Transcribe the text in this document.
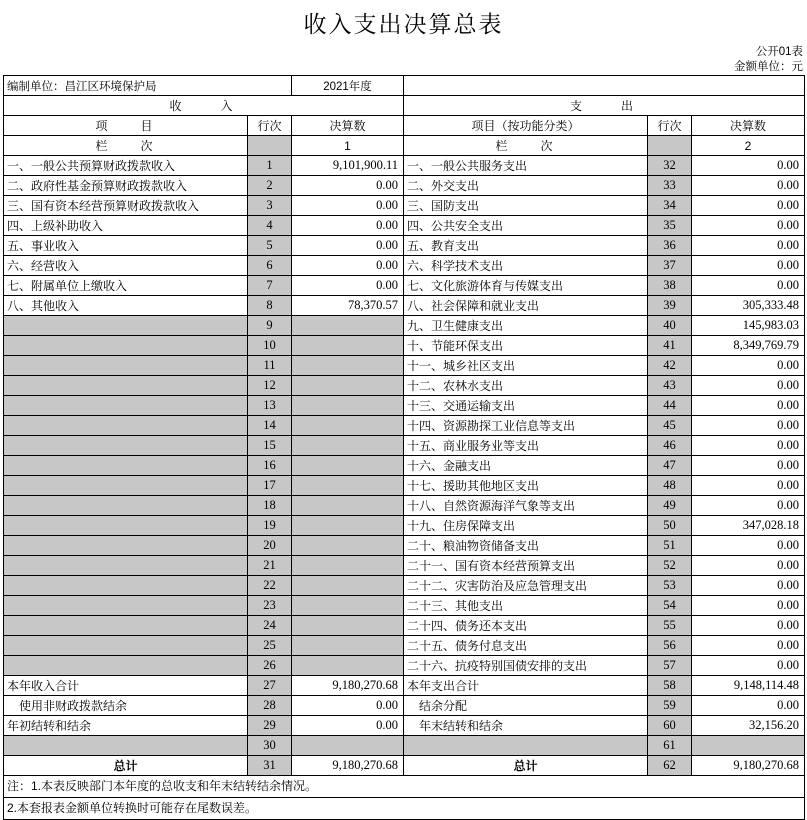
收入支出决算总表
公开01表
金额单位：元
编制单位：昌江区环境保护局		2021年度			
收　　入			支　　出		
项　　目	行次	决算数	项目（按功能分类）	行次	决算数
栏　　次		1	栏　　次		2
一、一般公共预算财政拨款收入	1	9,101,900.11	一、一般公共服务支出	32	0.00
二、政府性基金预算财政拨款收入	2	0.00	二、外交支出	33	0.00
三、国有资本经营预算财政拨款收入	3	0.00	三、国防支出	34	0.00
四、上级补助收入	4	0.00	四、公共安全支出	35	0.00
五、事业收入	5	0.00	五、教育支出	36	0.00
六、经营收入	6	0.00	六、科学技术支出	37	0.00
七、附属单位上缴收入	7	0.00	七、文化旅游体育与传媒支出	38	0.00
八、其他收入	8	78,370.57	八、社会保障和就业支出	39	305,333.48
	9		九、卫生健康支出	40	145,983.03
	10		十、节能环保支出	41	8,349,769.79
	11		十一、城乡社区支出	42	0.00
	12		十二、农林水支出	43	0.00
	13		十三、交通运输支出	44	0.00
	14		十四、资源勘探工业信息等支出	45	0.00
	15		十五、商业服务业等支出	46	0.00
	16		十六、金融支出	47	0.00
	17		十七、援助其他地区支出	48	0.00
	18		十八、自然资源海洋气象等支出	49	0.00
	19		十九、住房保障支出	50	347,028.18
	20		二十、粮油物资储备支出	51	0.00
	21		二十一、国有资本经营预算支出	52	0.00
	22		二十二、灾害防治及应急管理支出	53	0.00
	23		二十三、其他支出	54	0.00
	24		二十四、债务还本支出	55	0.00
	25		二十五、债务付息支出	56	0.00
	26		二十六、抗疫特别国债安排的支出	57	0.00
本年收入合计	27	9,180,270.68	本年支出合计	58	9,148,114.48
　使用非财政拨款结余	28	0.00	　结余分配	59	0.00
年初结转和结余	29	0.00	　年末结转和结余	60	32,156.20
	30			61	
总计	31	9,180,270.68	总计	62	9,180,270.68
注：1.本表反映部门本年度的总收支和年末结转结余情况。					
2.本套报表金额单位转换时可能存在尾数误差。					
